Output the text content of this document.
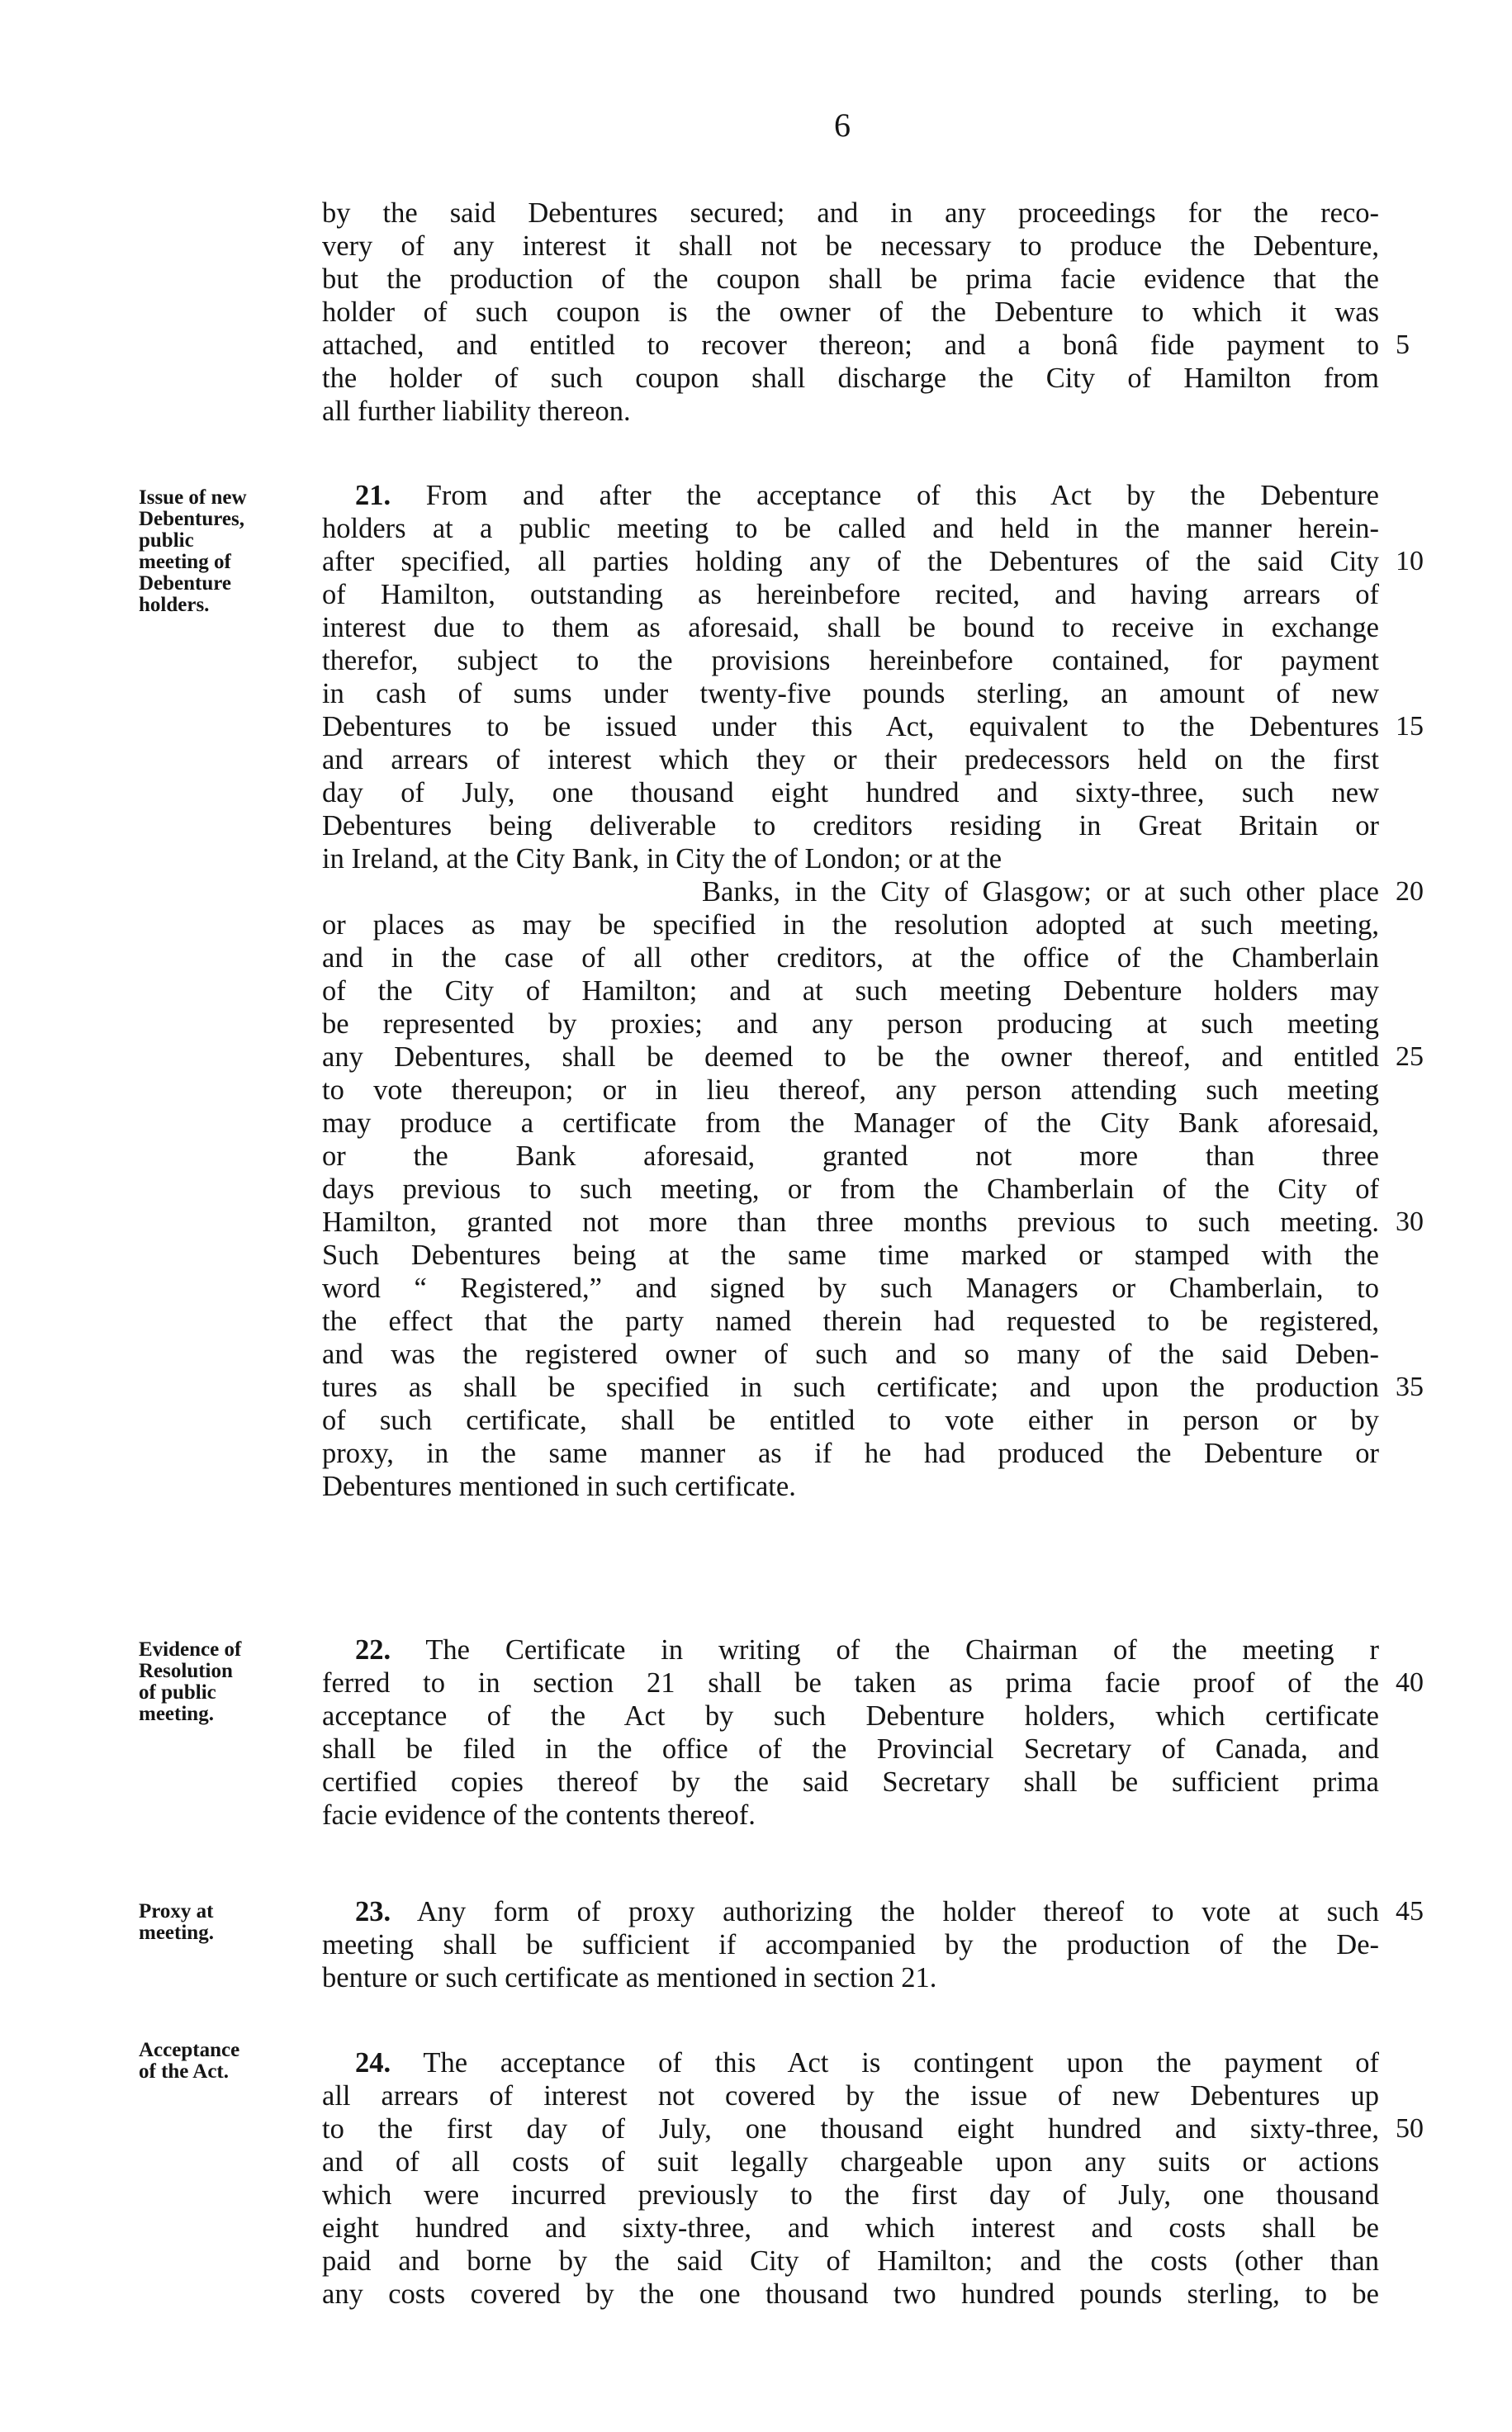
6
by the said Debentures secured; and in any proceedings for the reco-
very of any interest it shall not be necessary to produce the Debenture,
but the production of the coupon shall be prima facie evidence that the
holder of such coupon is the owner of the Debenture to which it was
attached, and entitled to recover thereon; and a bonâ fide payment to
the holder of such coupon shall discharge the City of Hamilton from
all further liability thereon.
Issue of new
Debentures,
public
meeting of
Debenture
holders.
21. From and after the acceptance of this Act by the Debenture
holders at a public meeting to be called and held in the manner herein-
after specified, all parties holding any of the Debentures of the said City
of Hamilton, outstanding as hereinbefore recited, and having arrears of
interest due to them as aforesaid, shall be bound to receive in exchange
therefor, subject to the provisions hereinbefore contained, for payment
in cash of sums under twenty-five pounds sterling, an amount of new
Debentures to be issued under this Act, equivalent to the Debentures
and arrears of interest which they or their predecessors held on the first
day of July, one thousand eight hundred and sixty-three, such new
Debentures being deliverable to creditors residing in Great Britain or
in Ireland, at the City Bank, in City the of London; or at the
Banks, in the City of Glasgow; or at such other place
or places as may be specified in the resolution adopted at such meeting,
and in the case of all other creditors, at the office of the Chamberlain
of the City of Hamilton; and at such meeting Debenture holders may
be represented by proxies; and any person producing at such meeting
any Debentures, shall be deemed to be the owner thereof, and entitled
to vote thereupon; or in lieu thereof, any person attending such meeting
may produce a certificate from the Manager of the City Bank aforesaid,
or the Bank aforesaid, granted not more than three
days previous to such meeting, or from the Chamberlain of the City of
Hamilton, granted not more than three months previous to such meeting.
Such Debentures being at the same time marked or stamped with the
word “ Registered,” and signed by such Managers or Chamberlain, to
the effect that the party named therein had requested to be registered,
and was the registered owner of such and so many of the said Deben-
tures as shall be specified in such certificate; and upon the production
of such certificate, shall be entitled to vote either in person or by
proxy, in the same manner as if he had produced the Debenture or
Debentures mentioned in such certificate.
Evidence of
Resolution
of public
meeting.
22. The Certificate in writing of the Chairman of the meeting r
ferred to in section 21 shall be taken as prima facie proof of the
acceptance of the Act by such Debenture holders, which certificate
shall be filed in the office of the Provincial Secretary of Canada, and
certified copies thereof by the said Secretary shall be sufficient prima
facie evidence of the contents thereof.
Proxy at
meeting.
23. Any form of proxy authorizing the holder thereof to vote at such
meeting shall be sufficient if accompanied by the production of the De-
benture or such certificate as mentioned in section 21.
Acceptance
of the Act.	24. The acceptance of this Act is contingent upon the payment of
all arrears of interest not covered by the issue of new Debentures up
to the first day of July, one thousand eight hundred and sixty-three,
and of all costs of suit legally chargeable upon any suits or actions
which were incurred previously to the first day of July, one thousand
eight hundred and sixty-three, and which interest and costs shall be
paid and borne by the said City of Hamilton; and the costs (other than
any costs covered by the one thousand two hundred pounds sterling, to be
5
10
15
20
25
30
35
40
45
50
